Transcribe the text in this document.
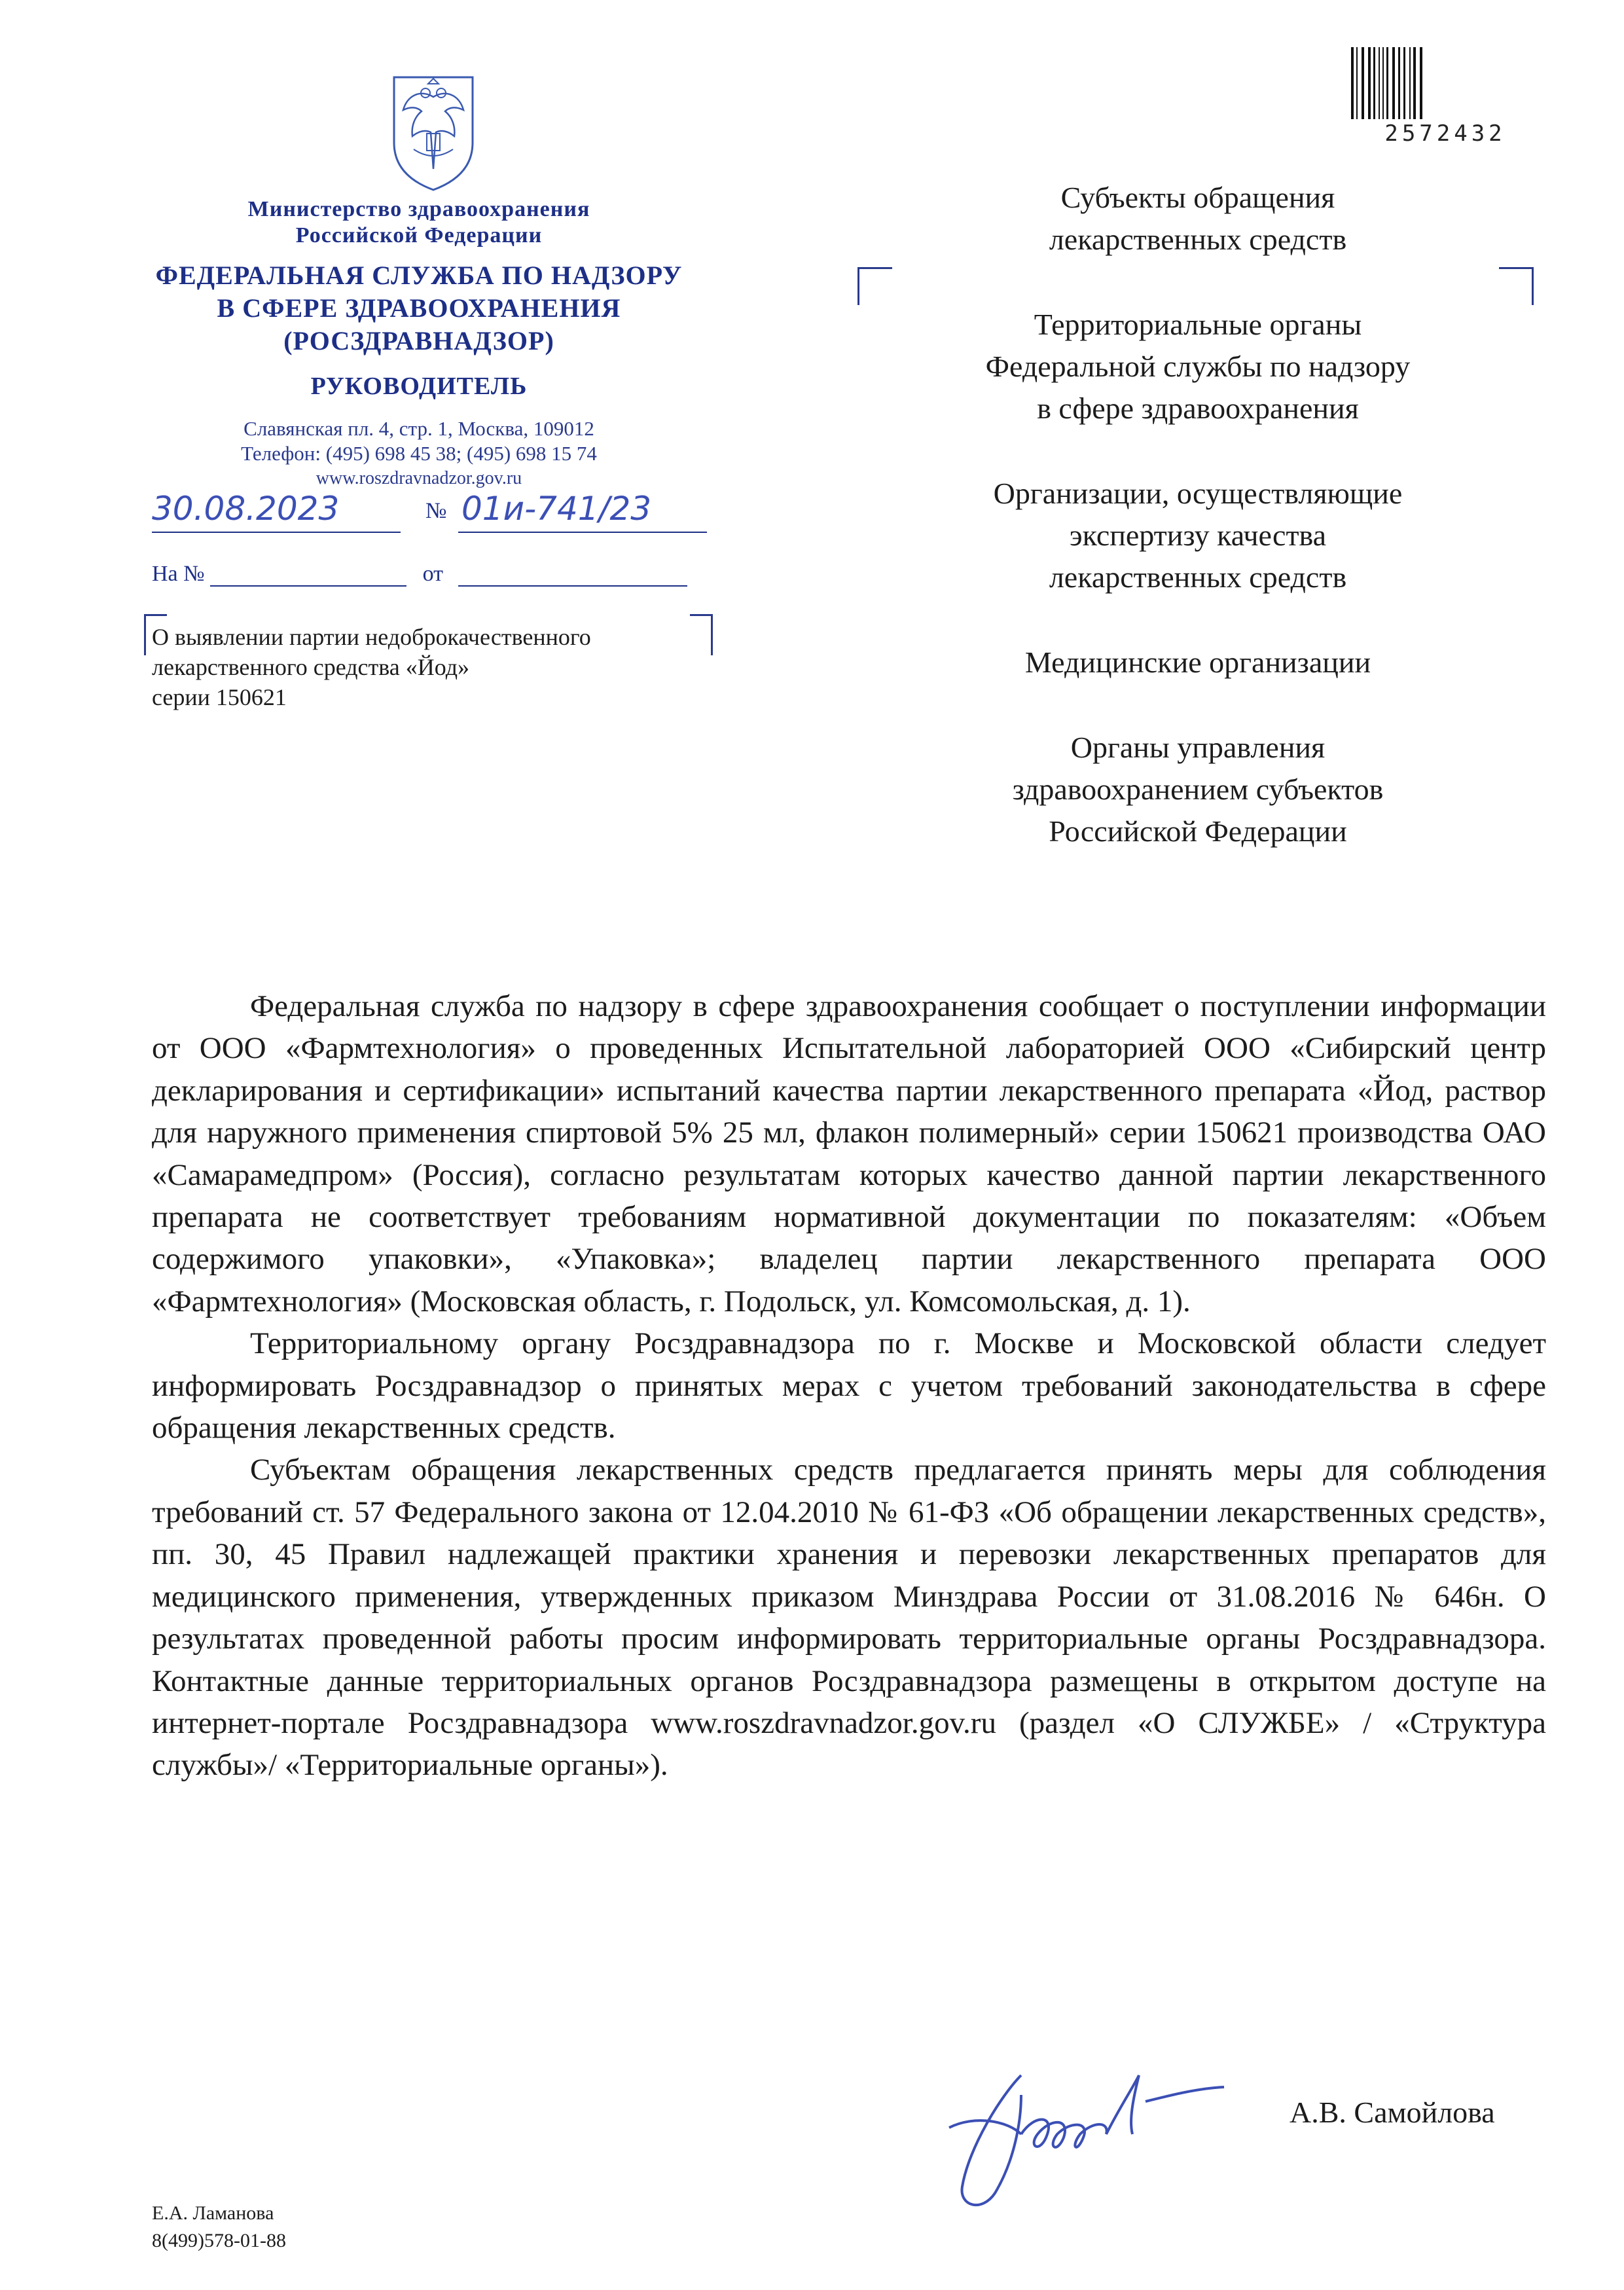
Министерство здравоохранения
Российской Федерации
ФЕДЕРАЛЬНАЯ СЛУЖБА ПО НАДЗОРУ
В СФЕРЕ ЗДРАВООХРАНЕНИЯ
(РОСЗДРАВНАДЗОР)
РУКОВОДИТЕЛЬ
Славянская пл. 4, стр. 1, Москва, 109012
Телефон: (495) 698 45 38; (495) 698 15 74
www.roszdravnadzor.gov.ru
30.08.2023	№ 01и-741/23
На №	от
О выявлении партии недоброкачественного
лекарственного средства «Йод»
серии 150621
2572432
Субъекты обращения
лекарственных средств
Территориальные органы
Федеральной службы по надзору
в сфере здравоохранения
Организации, осуществляющие
экспертизу качества
лекарственных средств
Медицинские организации
Органы управления
здравоохранением субъектов
Российской Федерации

Федеральная служба по надзору в сфере здравоохранения сообщает о поступлении информации от ООО «Фармтехнология» о проведенных Испытательной лабораторией ООО «Сибирский центр декларирования и сертификации» испытаний качества партии лекарственного препарата «Йод, раствор для наружного применения спиртовой 5% 25 мл, флакон полимерный» серии 150621 производства ОАО «Самарамедпром» (Россия), согласно результатам которых качество данной партии лекарственного препарата не соответствует требованиям нормативной документации по показателям: «Объем содержимого упаковки», «Упаковка»; владелец партии лекарственного препарата ООО «Фармтехнология» (Московская область, г. Подольск, ул. Комсомольская, д. 1).

Территориальному органу Росздравнадзора по г. Москве и Московской области следует информировать Росздравнадзор о принятых мерах с учетом требований законодательства в сфере обращения лекарственных средств.

Субъектам обращения лекарственных средств предлагается принять меры для соблюдения требований ст. 57 Федерального закона от 12.04.2010 № 61-ФЗ «Об обращении лекарственных средств», пп. 30, 45 Правил надлежащей практики хранения и перевозки лекарственных препаратов для медицинского применения, утвержденных приказом Минздрава России от 31.08.2016 № 646н. О результатах проведенной работы просим информировать территориальные органы Росздравнадзора. Контактные данные территориальных органов Росздравнадзора размещены в открытом доступе на интернет-портале Росздравнадзора www.roszdravnadzor.gov.ru (раздел «О СЛУЖБЕ» / «Структура службы»/ «Территориальные органы»).

А.В. Самойлова
Е.А. Ламанова
8(499)578-01-88
